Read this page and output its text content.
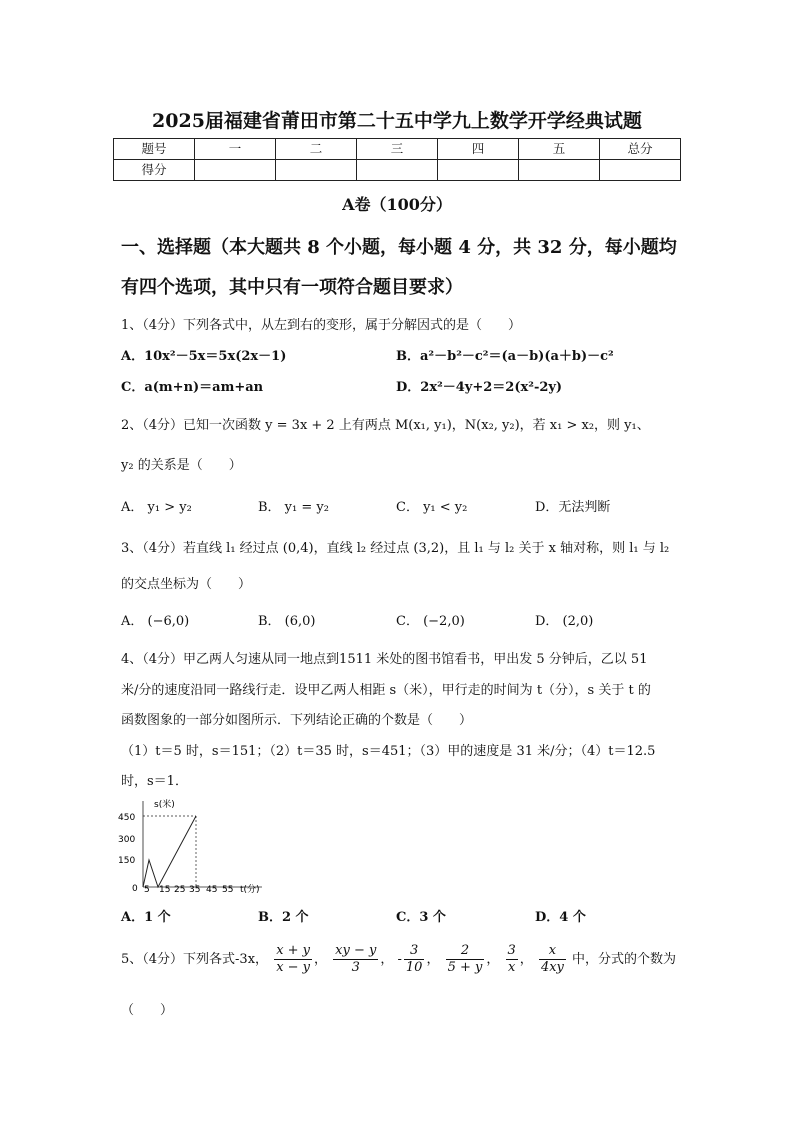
2025届福建省莆田市第二十五中学九上数学开学经典试题
题号	一	二	三	四	五	总分
得分						
A卷（100分）
一、选择题（本大题共 8 个小题，每小题 4 分，共 32 分，每小题均
有四个选项，其中只有一项符合题目要求）
1、（4分）下列各式中，从左到右的变形，属于分解因式的是（　　）
A．10x²－5x＝5x(2x－1)	B．a²－b²－c²＝(a－b)(a＋b)－c²
C．a(m+n)＝am+an	D．2x²－4y+2＝2(x²-2y)
2、（4分）已知一次函数 y = 3x + 2 上有两点 M(x₁, y₁)，N(x₂, y₂)，若 x₁ > x₂，则 y₁、
y₂ 的关系是（　　）
A． y₁ > y₂	B． y₁ = y₂	C． y₁ < y₂	D．无法判断
3、（4分）若直线 l₁ 经过点 (0,4)，直线 l₂ 经过点 (3,2)，且 l₁ 与 l₂ 关于 x 轴对称，则 l₁ 与 l₂
的交点坐标为（　　）
A． (−6,0)	B． (6,0)	C． (−2,0)	D． (2,0)
4、（4分）甲乙两人匀速从同一地点到1511 米处的图书馆看书，甲出发 5 分钟后，乙以 51
米/分的速度沿同一路线行走．设甲乙两人相距 s（米），甲行走的时间为 t（分），s 关于 t 的
函数图象的一部分如图所示．下列结论正确的个数是（　　）
（1）t＝5 时，s＝151；（2）t＝35 时，s＝451；（3）甲的速度是 31 米/分；（4）t＝12.5
时，s＝1．
s(米)
450
300
150
0 5 15 25 35 45 55 t(分)
A．1 个	B．2 个	C．3 个	D．4 个
5、（4分）下列各式-3x， $\frac{x + y}{x - y}$ ， $\frac{xy - y}{3}$ ， - $\frac{3}{10}$ ， $\frac{2}{5 + y}$ ， $\frac{3}{x}$ ， $\frac{x}{4xy}$ 中，分式的个数为
（　　）
